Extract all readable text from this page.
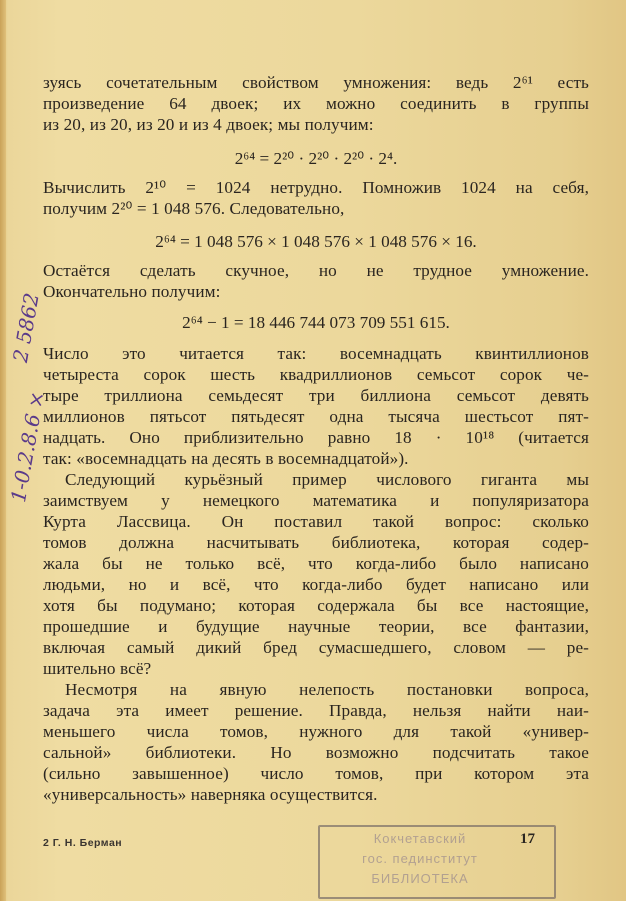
зуясь сочетательным свойством умножения: ведь 2⁶¹ есть
произведение 64 двоек; их можно соединить в группы
из 20, из 20, из 20 и из 4 двоек; мы получим:
2⁶⁴ = 2²⁰ · 2²⁰ · 2²⁰ · 2⁴.
Вычислить 2¹⁰ = 1024 нетрудно. Помножив 1024 на себя,
получим 2²⁰ = 1 048 576. Следовательно,
2⁶⁴ = 1 048 576 × 1 048 576 × 1 048 576 × 16.
Остаётся сделать скучное, но не трудное умножение.
Окончательно получим:
2⁶⁴ − 1 = 18 446 744 073 709 551 615.
Число это читается так: восемнадцать квинтиллионов
четыреста сорок шесть квадриллионов семьсот сорок че-
тыре триллиона семьдесят три биллиона семьсот девять
миллионов пятьсот пятьдесят одна тысяча шестьсот пят-
надцать. Оно приблизительно равно 18 · 10¹⁸ (читается
так: «восемнадцать на десять в восемнадцатой»).
Следующий курьёзный пример числового гиганта мы
заимствуем у немецкого математика и популяризатора
Курта Лассвица. Он поставил такой вопрос: сколько
томов должна насчитывать библиотека, которая содер-
жала бы не только всё, что когда-либо было написано
людьми, но и всё, что когда-либо будет написано или
хотя бы подумано; которая содержала бы все настоящие,
прошедшие и будущие научные теории, все фантазии,
включая самый дикий бред сумасшедшего, словом — ре-
шительно всё?
Несмотря на явную нелепость постановки вопроса,
задача эта имеет решение. Правда, нельзя найти наи-
меньшего числа томов, нужного для такой «универ-
сальной» библиотеки. Но возможно подсчитать такое
(сильно завышенное) число томов, при котором эта
«универсальность» наверняка осуществится.
2 Г. Н. Берман	Кокчетавский
гос. пединститут
БИБЛИОТЕКА
17
2 5862
1-0.2.8.6 ×
